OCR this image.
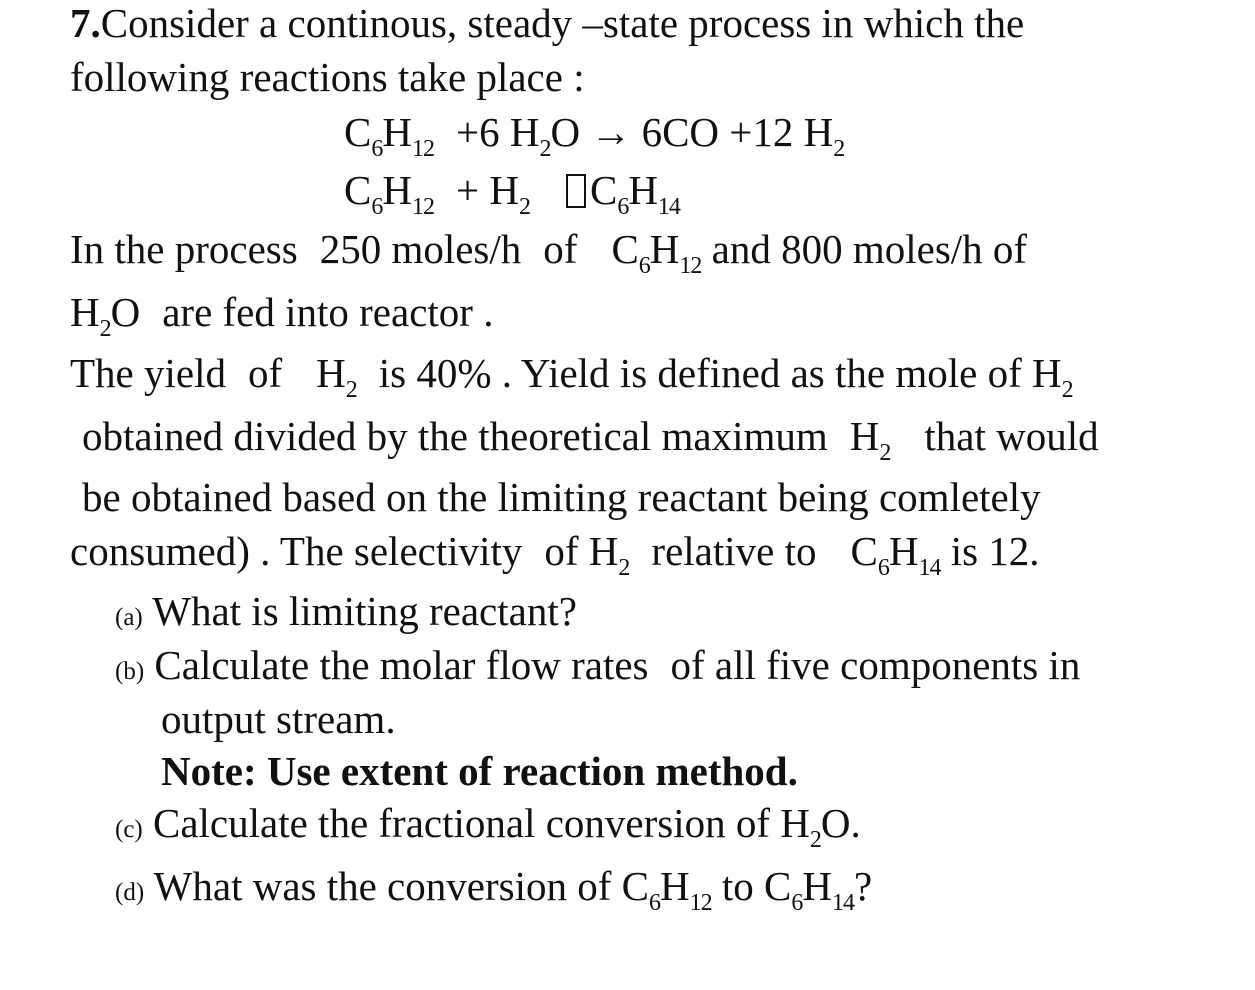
7.Consider a continous, steady –state process in which the
following reactions take place :
$C_6H_{12} +6$ $H_2O \to 6CO +12$ $H_2$
$C_6H_{12} + H_2$ $C_6H_{14}$
In the process 250 moles/h of $C_6H_{12}$ and 800 moles/h of
$H_2O$ are fed into reactor .
The yield of $H_2$ is 40% . Yield is defined as the mole of $H_2$
obtained divided by the theoretical maximum $H_2$ that would
be obtained based on the limiting reactant being comletely
consumed) . The selectivity of $H_2$ relative to $C_6H_{14}$ is 12.
(a) What is limiting reactant?
(b) Calculate the molar flow rates of all five components in
output stream.
Note: Use extent of reaction method.
(c) Calculate the fractional conversion of $H_2O$.
(d) What was the conversion of $C_6H_{12}$ to $C_6H_{14}$?
